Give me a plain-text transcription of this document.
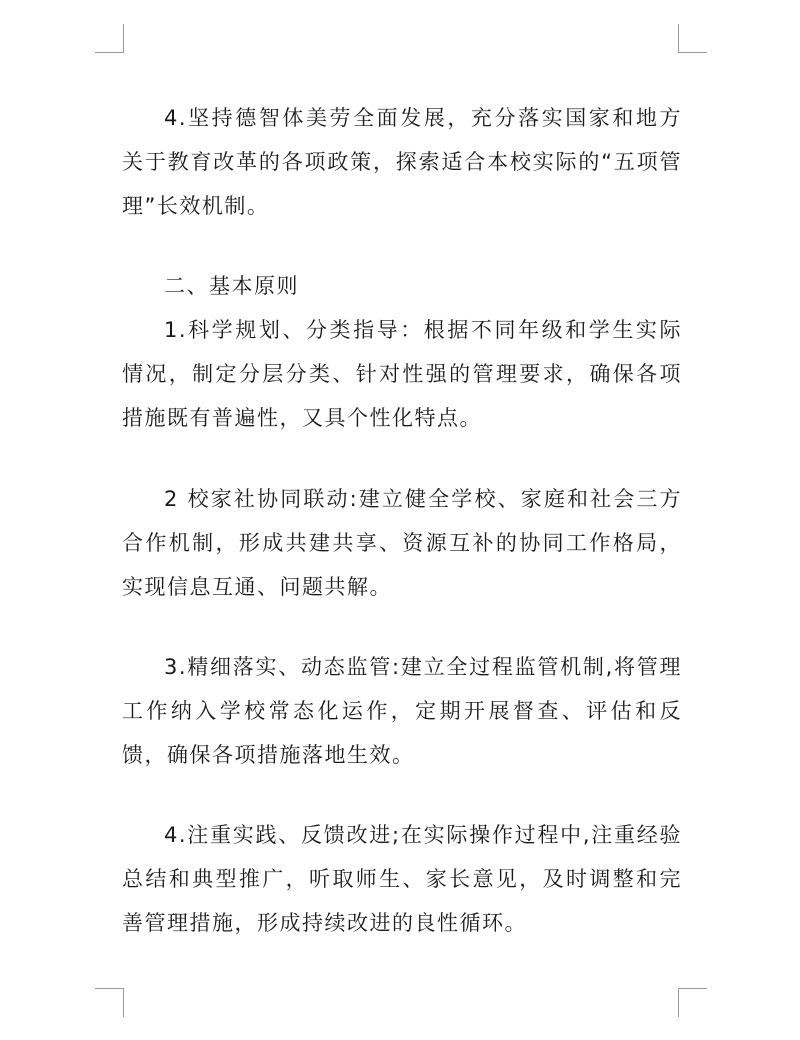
4.坚持德智体美劳全面发展，充分落实国家和地方关于教育改革的各项政策，探索适合本校实际的“五项管理”长效机制。

二、基本原则

1.科学规划、分类指导：根据不同年级和学生实际情况，制定分层分类、针对性强的管理要求，确保各项措施既有普遍性，又具个性化特点。

2 校家社协同联动:建立健全学校、家庭和社会三方合作机制，形成共建共享、资源互补的协同工作格局，实现信息互通、问题共解。

3.精细落实、动态监管:建立全过程监管机制,将管理工作纳入学校常态化运作，定期开展督查、评估和反馈，确保各项措施落地生效。

4.注重实践、反馈改进;在实际操作过程中,注重经验总结和典型推广，听取师生、家长意见，及时调整和完善管理措施，形成持续改进的良性循环。
